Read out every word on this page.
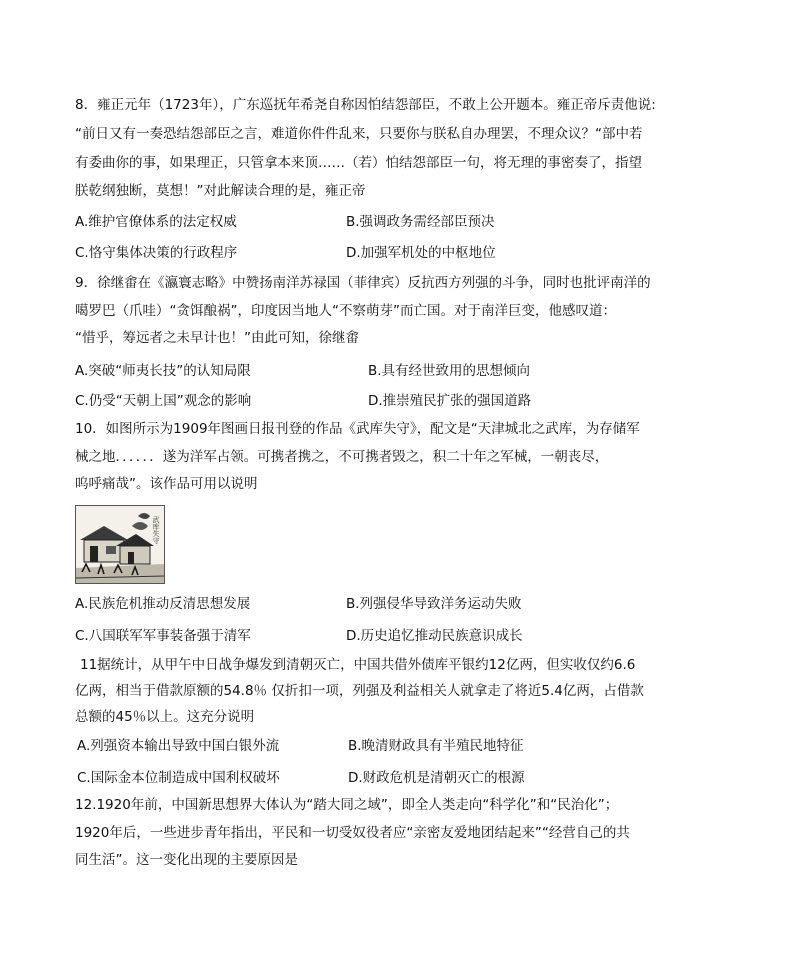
8．雍正元年（1723年），广东巡抚年希尧自称因怕结怨部臣，不敢上公开题本。雍正帝斥责他说:
“前日又有一奏恐结怨部臣之言，难道你件件乱来，只要你与朕私自办理罢，不理众议？“部中若
有委曲你的事，如果理正，只管拿本来顶……（若）怕结怨部臣一句，将无理的事密奏了，指望
朕乾纲独断，莫想！”对此解读合理的是，雍正帝
A.维护官僚体系的法定权威	B.强调政务需经部臣预决
C.恪守集体决策的行政程序	D.加强军机处的中枢地位
9．徐继畬在《瀛寰志略》中赞扬南洋苏禄国（菲律宾）反抗西方列强的斗争，同时也批评南洋的
噶罗巴（爪哇）“贪饵酿祸”，印度因当地人“不察萌芽”而亡国。对于南洋巨变，他感叹道：
“惜乎，筹远者之未早计也！”由此可知，徐继畬
A.突破“师夷长技”的认知局限	B.具有经世致用的思想倾向
C.仍受“天朝上国”观念的影响	D.推崇殖民扩张的强国道路
10．如图所示为1909年图画日报刊登的作品《武库失守》，配文是“天津城北之武库，为存储军
械之地．．．．．．遂为洋军占领。可携者携之，不可携者毁之，积二十年之军械，一朝丧尽，
呜呼痛哉”。该作品可用以说明
武库失守
A.民族危机推动反清思想发展	B.列强侵华导致洋务运动失败
C.八国联军军事装备强于清军	D.历史追忆推动民族意识成长
11据统计，从甲午中日战争爆发到清朝灭亡，中国共借外债库平银约12亿两，但实收仅约6.6
亿两，相当于借款原额的54.8％ 仅折扣一项，列强及利益相关人就拿走了将近5.4亿两，占借款
总额的45％以上。这充分说明
A.列强资本输出导致中国白银外流	B.晚清财政具有半殖民地特征
C.国际金本位制造成中国利权破坏	D.财政危机是清朝灭亡的根源
12.1920年前，中国新思想界大体认为“踏大同之域”，即全人类走向“科学化”和“民治化”；
1920年后，一些进步青年指出，平民和一切受奴役者应“亲密友爱地团结起来”“经营自己的共
同生活”。这一变化出现的主要原因是
